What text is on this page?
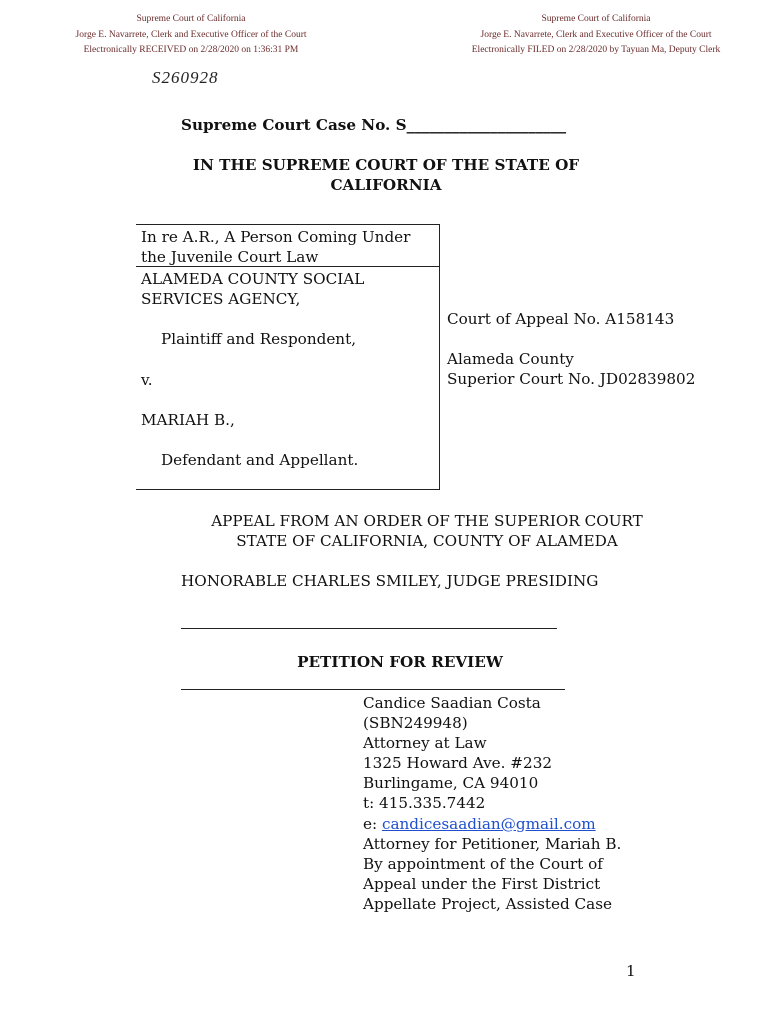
Supreme Court of California
Jorge E. Navarrete, Clerk and Executive Officer of the Court
Electronically RECEIVED on 2/28/2020 on 1:36:31 PM
Supreme Court of California
Jorge E. Navarrete, Clerk and Executive Officer of the Court
Electronically FILED on 2/28/2020 by Tayuan Ma, Deputy Clerk
S260928
Supreme Court Case No. S_____________________
IN THE SUPREME COURT OF THE STATE OF
CALIFORNIA
In re A.R., A Person Coming Under
the Juvenile Court Law
ALAMEDA COUNTY SOCIAL
SERVICES AGENCY,
Plaintiff and Respondent,
v.
MARIAH B.,
Defendant and Appellant.
Court of Appeal No. A158143
Alameda County
Superior Court No. JD02839802
APPEAL FROM AN ORDER OF THE SUPERIOR COURT
STATE OF CALIFORNIA, COUNTY OF ALAMEDA
HONORABLE CHARLES SMILEY, JUDGE PRESIDING
PETITION FOR REVIEW
Candice Saadian Costa
(SBN249948)
Attorney at Law
1325 Howard Ave. #232
Burlingame, CA 94010
t: 415.335.7442
e: candicesaadian@gmail.com
Attorney for Petitioner, Mariah B.
By appointment of the Court of
Appeal under the First District
Appellate Project, Assisted Case
1
